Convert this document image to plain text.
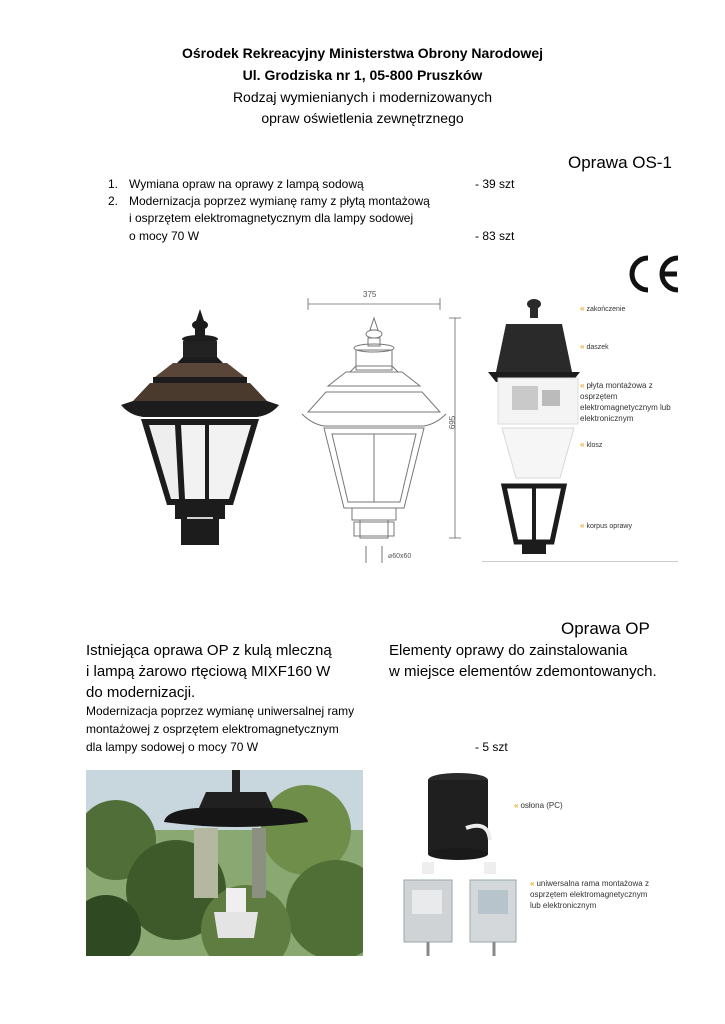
Ośrodek Rekreacyjny Ministerstwa Obrony Narodowej
Ul. Grodziska nr 1, 05-800 Pruszków
Rodzaj wymienianych i modernizowanych
opraw oświetlenia zewnętrznego
Oprawa OS-1
1. Wymiana opraw na oprawy z lampą sodową	- 39 szt
2. Modernizacja poprzez wymianę ramy z płytą montażową
i osprzętem elektromagnetycznym dla lampy sodowej
o mocy 70 W	- 83 szt
375
695
⌀60x60
« zakończenie
« daszek
« płyta montażowa z osprzętem elektromagnetycznym lub elektronicznym
« klosz
« korpus oprawy
Oprawa OP
Istniejąca oprawa OP z kulą mleczną
i lampą żarowo rtęciową MIXF160 W
do modernizacji.
Elementy oprawy do zainstalowania
w miejsce elementów zdemontowanych.
Modernizacja poprzez wymianę uniwersalnej ramy
montażowej z osprzętem elektromagnetycznym
dla lampy sodowej o mocy 70 W	- 5 szt
« osłona (PC)
« uniwersalna rama montażowa z osprzętem elektromagnetycznym lub elektronicznym
